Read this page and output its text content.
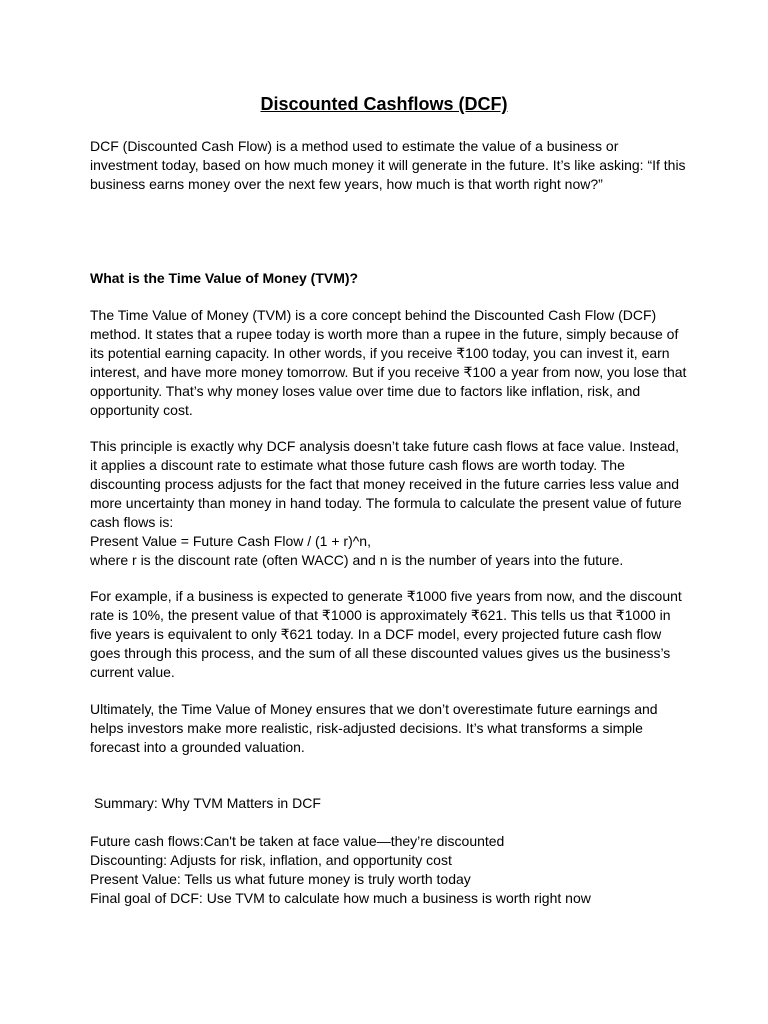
Discounted Cashflows (DCF)

DCF (Discounted Cash Flow) is a method used to estimate the value of a business or
investment today, based on how much money it will generate in the future. It’s like asking: “If this
business earns money over the next few years, how much is that worth right now?”

What is the Time Value of Money (TVM)?

The Time Value of Money (TVM) is a core concept behind the Discounted Cash Flow (DCF)
method. It states that a rupee today is worth more than a rupee in the future, simply because of
its potential earning capacity. In other words, if you receive ₹100 today, you can invest it, earn
interest, and have more money tomorrow. But if you receive ₹100 a year from now, you lose that
opportunity. That’s why money loses value over time due to factors like inflation, risk, and
opportunity cost.

This principle is exactly why DCF analysis doesn’t take future cash flows at face value. Instead,
it applies a discount rate to estimate what those future cash flows are worth today. The
discounting process adjusts for the fact that money received in the future carries less value and
more uncertainty than money in hand today. The formula to calculate the present value of future
cash flows is:
Present Value = Future Cash Flow / (1 + r)^n,
where r is the discount rate (often WACC) and n is the number of years into the future.

For example, if a business is expected to generate ₹1000 five years from now, and the discount
rate is 10%, the present value of that ₹1000 is approximately ₹621. This tells us that ₹1000 in
five years is equivalent to only ₹621 today. In a DCF model, every projected future cash flow
goes through this process, and the sum of all these discounted values gives us the business’s
current value.

Ultimately, the Time Value of Money ensures that we don’t overestimate future earnings and
helps investors make more realistic, risk-adjusted decisions. It’s what transforms a simple
forecast into a grounded valuation.

Summary: Why TVM Matters in DCF

Future cash flows:Can't be taken at face value—they’re discounted
Discounting: Adjusts for risk, inflation, and opportunity cost
Present Value: Tells us what future money is truly worth today
Final goal of DCF: Use TVM to calculate how much a business is worth right now
